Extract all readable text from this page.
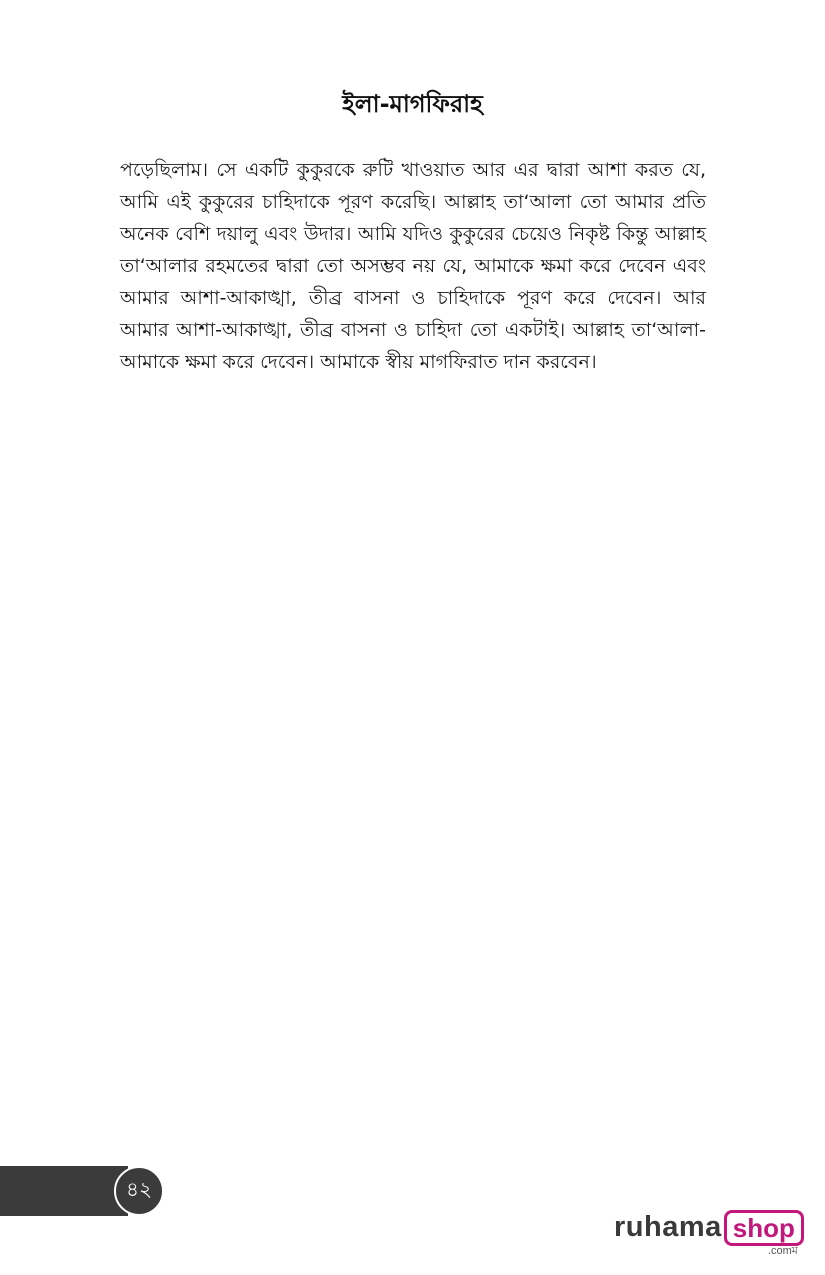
ইলা-মাগফিরাহ

পড়েছিলাম। সে একটি কুকুরকে রুটি খাওয়াত আর এর দ্বারা আশা করত যে, আমি এই কুকুরের চাহিদাকে পূরণ করেছি। আল্লাহ তা‘আলা তো আমার প্রতি অনেক বেশি দয়ালু এবং উদার। আমি যদিও কুকুরের চেয়েও নিকৃষ্ট কিন্তু আল্লাহ তা‘আলার রহমতের দ্বারা তো অসম্ভব নয় যে, আমাকে ক্ষমা করে দেবেন এবং আমার আশা-আকাঙ্খা, তীব্র বাসনা ও চাহিদাকে পূরণ করে দেবেন। আর আমার আশা-আকাঙ্খা, তীব্র বাসনা ও চাহিদা তো একটাই। আল্লাহ তা‘আলা-আমাকে ক্ষমা করে দেবেন। আমাকে স্বীয় মাগফিরাত দান করবেন।

৪২
ruhama shop
.comম
